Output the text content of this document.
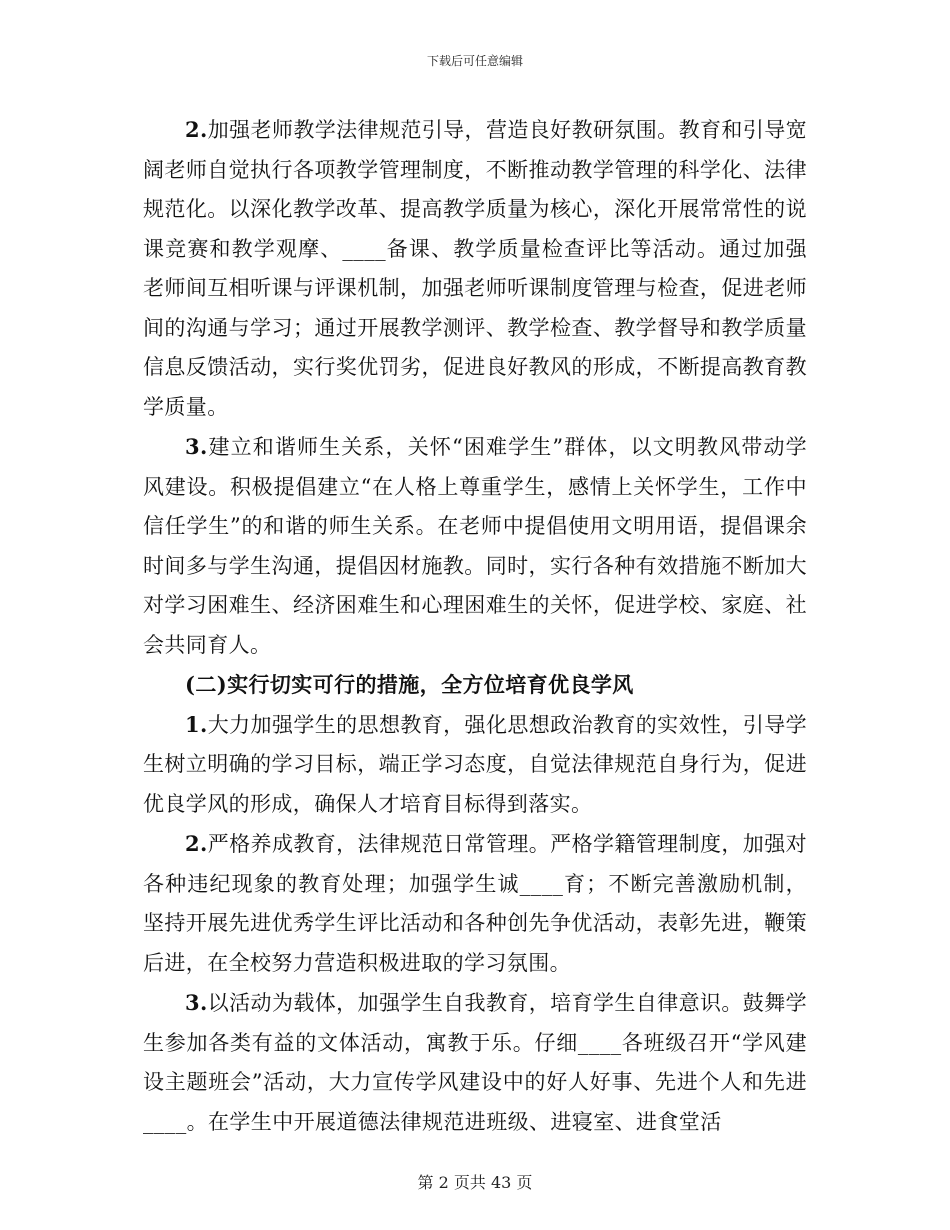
下载后可任意编辑

2.加强老师教学法律规范引导，营造良好教研氛围。教育和引导宽阔老师自觉执行各项教学管理制度，不断推动教学管理的科学化、法律规范化。以深化教学改革、提高教学质量为核心，深化开展常常性的说课竞赛和教学观摩、____备课、教学质量检查评比等活动。通过加强老师间互相听课与评课机制，加强老师听课制度管理与检查，促进老师间的沟通与学习；通过开展教学测评、教学检查、教学督导和教学质量信息反馈活动，实行奖优罚劣，促进良好教风的形成，不断提高教育教学质量。

3.建立和谐师生关系，关怀“困难学生”群体，以文明教风带动学风建设。积极提倡建立“在人格上尊重学生，感情上关怀学生，工作中信任学生”的和谐的师生关系。在老师中提倡使用文明用语，提倡课余时间多与学生沟通，提倡因材施教。同时，实行各种有效措施不断加大对学习困难生、经济困难生和心理困难生的关怀，促进学校、家庭、社会共同育人。

(二)实行切实可行的措施，全方位培育优良学风

1.大力加强学生的思想教育，强化思想政治教育的实效性，引导学生树立明确的学习目标，端正学习态度，自觉法律规范自身行为，促进优良学风的形成，确保人才培育目标得到落实。

2.严格养成教育，法律规范日常管理。严格学籍管理制度，加强对各种违纪现象的教育处理；加强学生诚____育；不断完善激励机制，坚持开展先进优秀学生评比活动和各种创先争优活动，表彰先进，鞭策后进，在全校努力营造积极进取的学习氛围。

3.以活动为载体，加强学生自我教育，培育学生自律意识。鼓舞学生参加各类有益的文体活动，寓教于乐。仔细____各班级召开“学风建设主题班会”活动，大力宣传学风建设中的好人好事、先进个人和先进____。在学生中开展道德法律规范进班级、进寝室、进食堂活

第 2 页共 43 页
